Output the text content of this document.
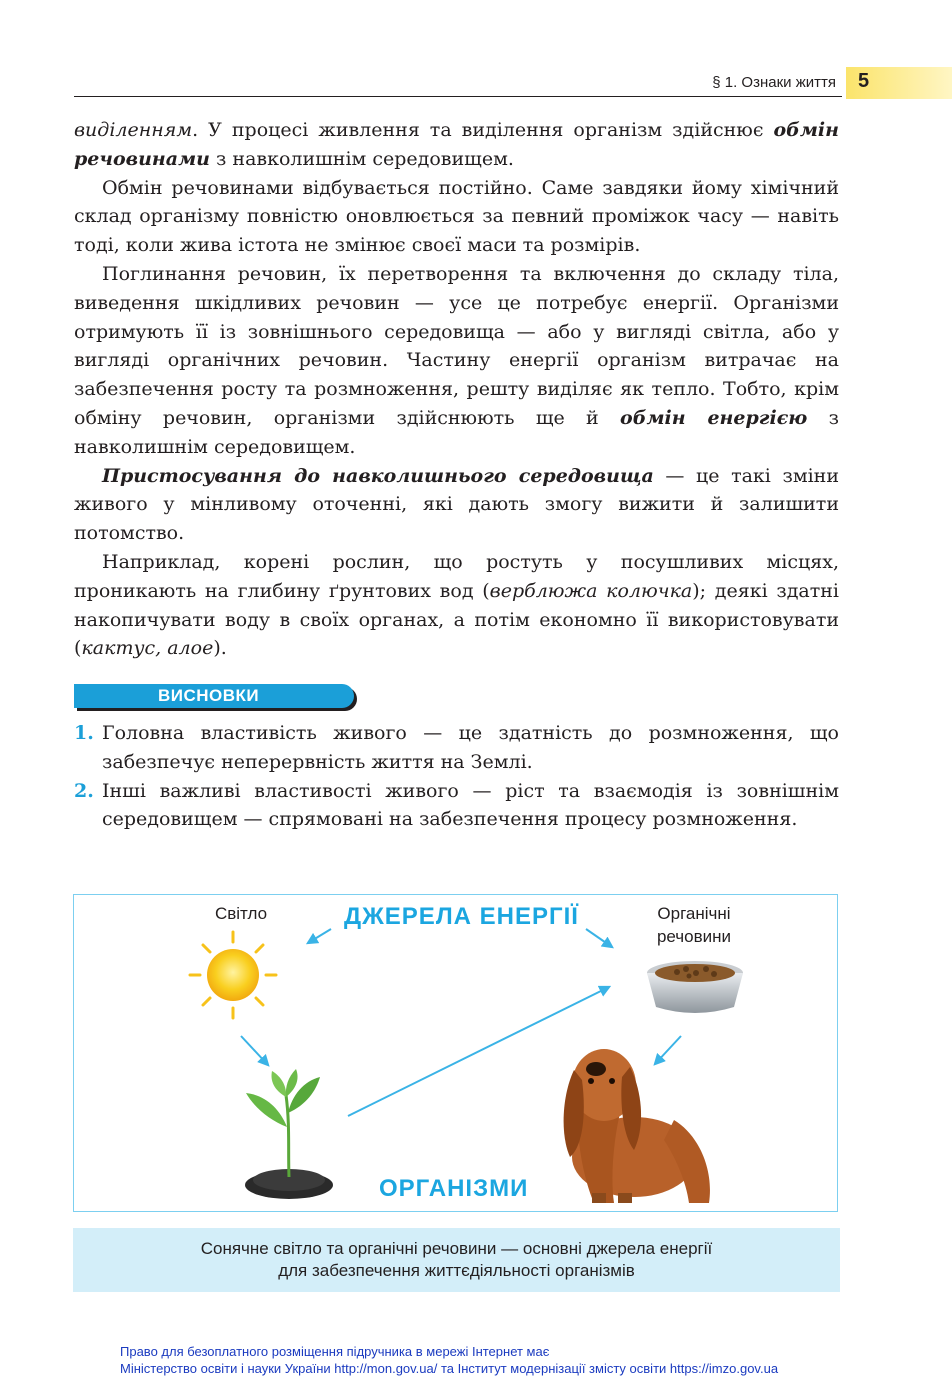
§ 1. Ознаки життя 5

виділенням. У процесі живлення та виділення організм здійснює обмін речовинами з навколишнім середовищем.

Обмін речовинами відбувається постійно. Саме завдяки йому хімічний склад організму повністю оновлюється за певний проміжок часу — навіть тоді, коли жива істота не змінює своєї маси та розмірів.

Поглинання речовин, їх перетворення та включення до складу тіла, виведення шкідливих речовин — усе це потребує енергії. Організми отримують її із зовнішнього середовища — або у вигляді світла, або у вигляді органічних речовин. Частину енергії організм витрачає на забезпечення росту та розмноження, решту виділяє як тепло. Тобто, крім обміну речовин, організми здійснюють ще й обмін енергією з навколишнім середовищем.

Пристосування до навколишнього середовища — це такі зміни живого у мінливому оточенні, які дають змогу вижити й залишити потомство.

Наприклад, корені рослин, що ростуть у посушливих місцях, проникають на глибину ґрунтових вод (верблюжа колючка); деякі здатні накопичувати воду в своїх органах, а потім економно її використовувати (кактус, алое).

ВИСНОВКИ
1. Головна властивість живого — це здатність до розмноження, що забезпечує неперервність життя на Землі.
2. Інші важливі властивості живого — ріст та взаємодія із зовнішнім середовищем — спрямовані на забезпечення процесу розмноження.
Світло	ДЖЕРЕЛА ЕНЕРГІЇ	Органічні
речовини
ОРГАНІЗМИ
Сонячне світло та органічні речовини — основні джерела енергії
для забезпечення життєдіяльності організмів
Право для безоплатного розміщення підручника в мережі Інтернет має
Міністерство освіти і науки України http://mon.gov.ua/ та Інститут модернізації змісту освіти https://imzo.gov.ua
